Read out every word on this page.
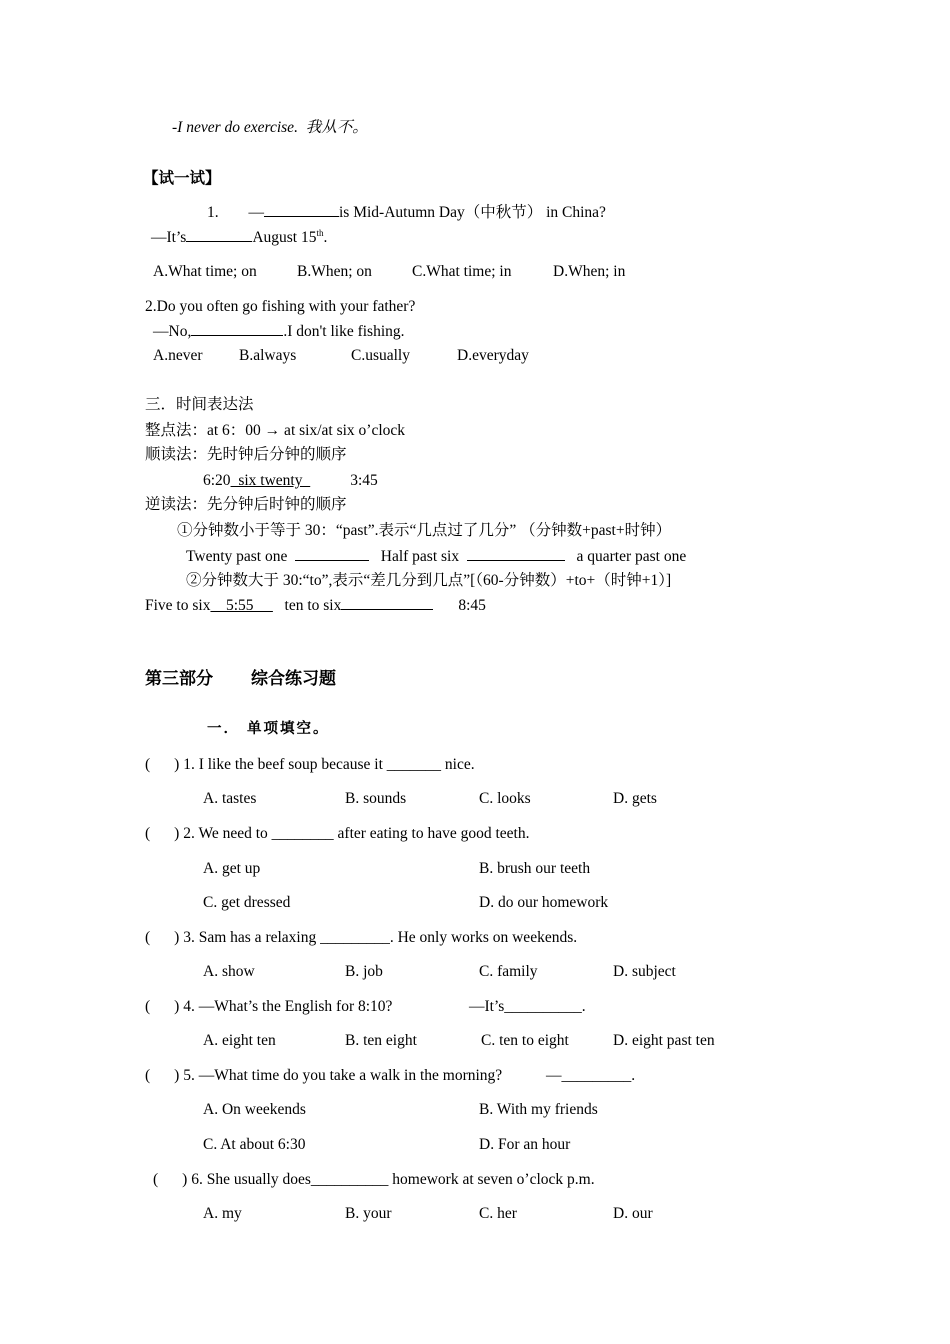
-I never do exercise. 我从不。
【试一试】
1. —	is Mid-Autumn Day（中秋节） in China?
—It’s	August 15th.
A.What time; on	B.When; on	C.What time; in	D.When; in
2.Do you often go fishing with your father?
—No,	.I don't like fishing.
A.never B.always	C.usually	D.everyday
三．时间表达法
整点法：at 6：00 → at six/at six o’clock
顺读法：先时钟后分钟的顺序
6:20  six twenty	3:45
逆读法：先分钟后时钟的顺序
①分钟数小于等于 30：“past”.表示“几点过了几分” （分钟数+past+时钟）
Twenty past one	Half past six	a quarter past one
②分钟数大于 30:“to”,表示“差几分到几点”[（60-分钟数）+to+（时钟+1）]
Five to six    5:55        ten to six	8:45
第三部分 综合练习题
一． 单项填空。
( ) 1. I like the beef soup because it _______ nice.
A. tastes	B. sounds	C. looks	D. gets
( ) 2. We need to ________ after eating to have good teeth.
A. get up	B. brush our teeth
C. get dressed	D. do our homework
( ) 3. Sam has a relaxing _________. He only works on weekends.
A. show	B. job	C. family	D. subject
( ) 4. —What’s the English for 8:10?	—It’s__________.
A. eight ten	B. ten eight	C. ten to eight	D. eight past ten
( ) 5. —What time do you take a walk in the morning?	—_________.
A. On weekends	B. With my friends
C. At about 6:30	D. For an hour
( ) 6. She usually does__________ homework at seven o’clock p.m.
A. my	B. your	C. her	D. our
